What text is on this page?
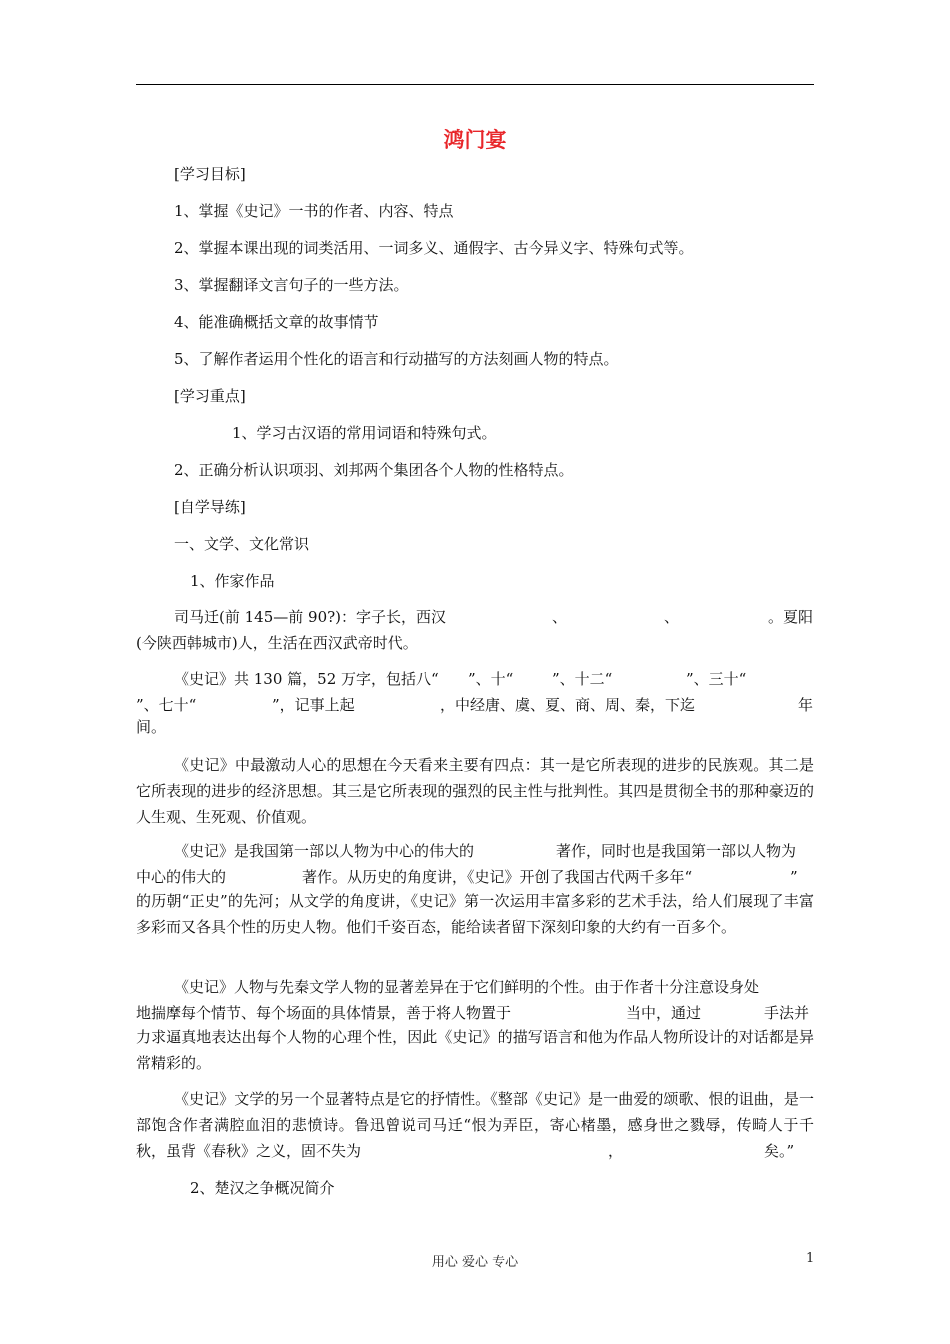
鸿门宴
[学习目标]
1、掌握《史记》一书的作者、内容、特点
2、掌握本课出现的词类活用、一词多义、通假字、古今异义字、特殊句式等。
3、掌握翻译文言句子的一些方法。
4、能准确概括文章的故事情节
5、了解作者运用个性化的语言和行动描写的方法刻画人物的特点。
[学习重点]
1、学习古汉语的常用词语和特殊句式。
2、正确分析认识项羽、刘邦两个集团各个人物的性格特点。
[自学导练]
一、文学、文化常识
1、作家作品
司马迁(前 145—前 90?)：字子长，西汉	、	、	。夏阳
(今陕西韩城市)人，生活在西汉武帝时代。
《史记》共 130 篇，52 万字，包括八“ ”、十“	”、十二“	”、三十“
”、七十“	”，记事上起	，中经唐、虞、夏、商、周、秦，下迄	年
间。
《史记》中最激动人心的思想在今天看来主要有四点：其一是它所表现的进步的民族观。其二是它所表现的进步的经济思想。其三是它所表现的强烈的民主性与批判性。其四是贯彻全书的那种豪迈的人生观、生死观、价值观。
《史记》是我国第一部以人物为中心的伟大的	著作，同时也是我国第一部以人物为
中心的伟大的	著作。从历史的角度讲，《史记》开创了我国古代两千多年“	”
的历朝“正史”的先河；从文学的角度讲，《史记》第一次运用丰富多彩的艺术手法，给人们展现了丰富多彩而又各具个性的历史人物。他们千姿百态，能给读者留下深刻印象的大约有一百多个。
《史记》人物与先秦文学人物的显著差异在于它们鲜明的个性。由于作者十分注意设身处
地揣摩每个情节、每个场面的具体情景，善于将人物置于	当中，通过	手法并
力求逼真地表达出每个人物的心理个性，因此《史记》的描写语言和他为作品人物所设计的对话都是异常精彩的。
《史记》文学的另一个显著特点是它的抒情性。《整部《史记》是一曲爱的颂歌、恨的诅曲，是一部饱含作者满腔血泪的悲愤诗。鲁迅曾说司马迁“恨为弄臣，寄心楮墨，感身世之戮辱，传畸人于千秋，虽背《春秋》之义，固不失为	，	矣。”
2、楚汉之争概况简介
用心 爱心 专心	1
